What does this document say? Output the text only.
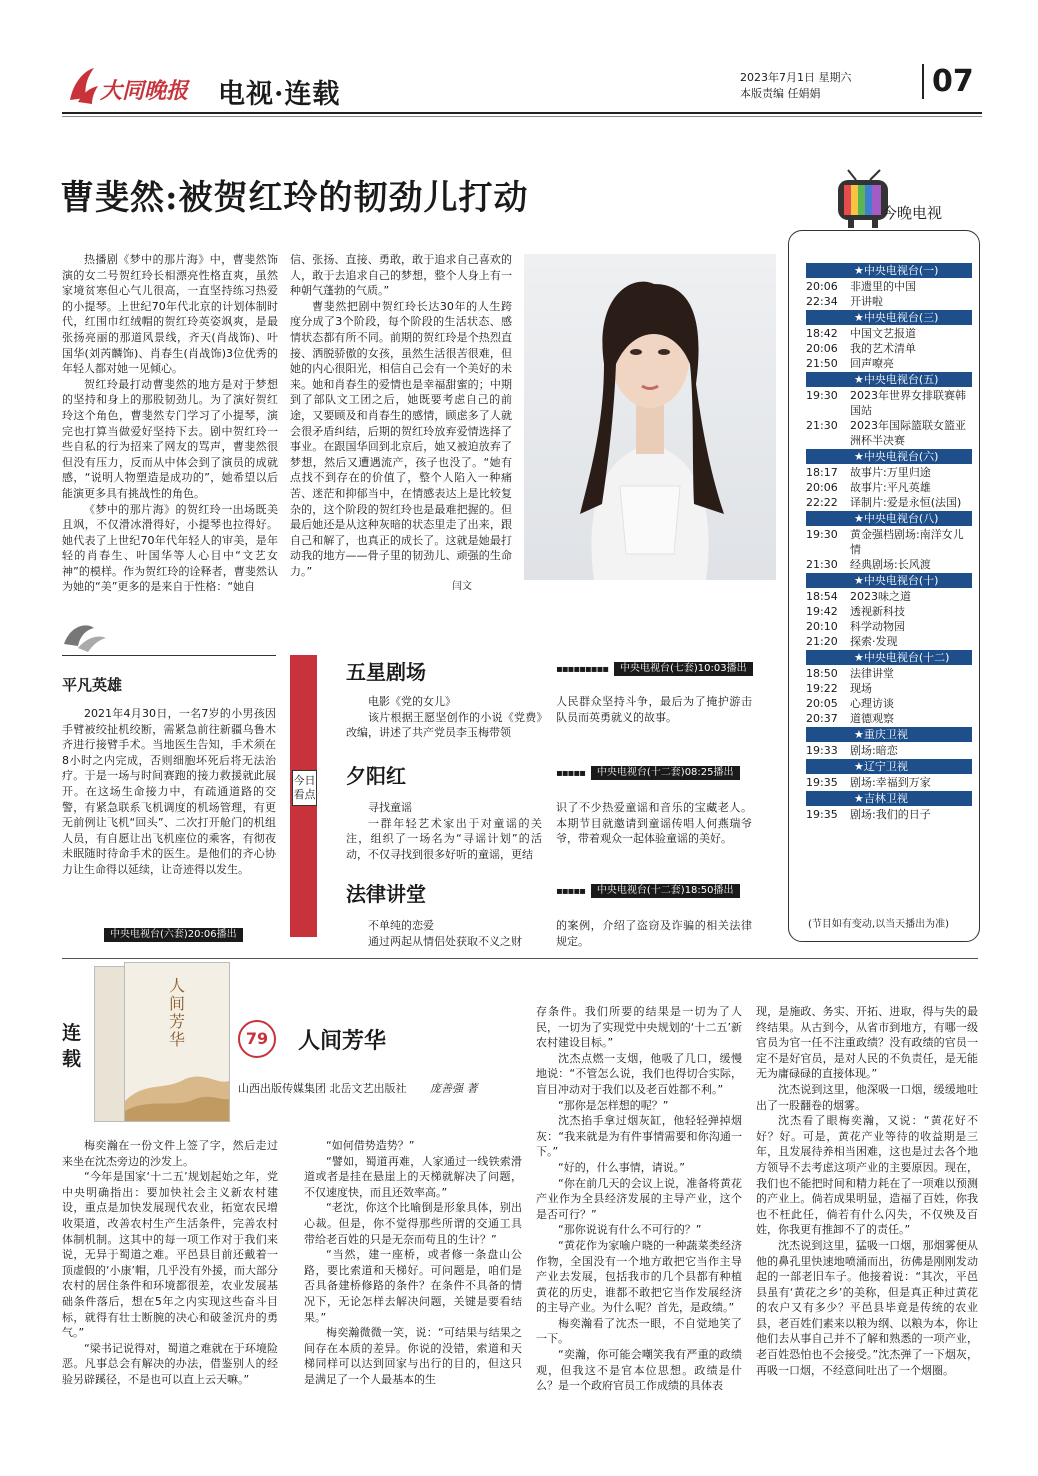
大同晚报 电视·连载
2023年7月1日 星期六
本版责编 任娟娟	07
曹斐然:被贺红玲的韧劲儿打动

热播剧《梦中的那片海》中，曹斐然饰演的女二号贺红玲长相漂亮性格直爽，虽然家境贫寒但心气儿很高，一直坚持练习热爱的小提琴。上世纪70年代北京的计划体制时代，红围巾红绒帽的贺红玲英姿飒爽，是最张扬亮丽的那道风景线，齐天(肖战饰)、叶国华(刘芮麟饰)、肖春生(肖战饰)3位优秀的年轻人都对她一见倾心。

贺红玲最打动曹斐然的地方是对于梦想的坚持和身上的那股韧劲儿。为了演好贺红玲这个角色，曹斐然专门学习了小提琴，演完也打算当做爱好坚持下去。剧中贺红玲一些自私的行为招来了网友的骂声，曹斐然很但没有压力，反而从中体会到了演员的成就感，“说明人物塑造是成功的”，她希望以后能演更多具有挑战性的角色。

《梦中的那片海》的贺红玲一出场既美且飒，不仅滑冰滑得好，小提琴也拉得好。她代表了上世纪70年代年轻人的审美，是年轻的肖春生、叶国华等人心目中“文艺女神”的模样。作为贺红玲的诠释者，曹斐然认为她的“美”更多的是来自于性格：“她自

信、张扬、直接、勇敢，敢于追求自己喜欢的人，敢于去追求自己的梦想，整个人身上有一种朝气蓬勃的气质。”

曹斐然把剧中贺红玲长达30年的人生跨度分成了3个阶段，每个阶段的生活状态、感情状态都有所不同。前期的贺红玲是个热烈直接、洒脱骄傲的女孩，虽然生活很苦很难，但她的内心很阳光，相信自己会有一个美好的未来。她和肖春生的爱情也是幸福甜蜜的；中期到了部队文工团之后，她既要考虑自己的前途，又要顾及和肖春生的感情，顾虑多了人就会很矛盾纠结，后期的贺红玲放弃爱情选择了事业。在跟国华回到北京后，她又被迫放弃了梦想，然后又遭遇流产，孩子也没了。“她有点找不到存在的价值了，整个人陷入一种痛苦、迷茫和抑郁当中，在情感表达上是比较复杂的，这个阶段的贺红玲也是最难把握的。但最后她还是从这种灰暗的状态里走了出来，跟自己和解了，也真正的成长了。这就是她最打动我的地方——骨子里的韧劲儿、顽强的生命力。”

闫文
今晚电视
★中央电视台(一)
20:06	非遗里的中国
22:34	开讲啦
★中央电视台(三)
18:42	中国文艺报道
20:06	我的艺术清单
21:50	回声嘹亮
★中央电视台(五)
19:30	2023年世界女排联赛韩国站
21:30	2023年国际篮联女篮亚洲杯半决赛
★中央电视台(六)
18:17	故事片:万里归途
20:06	故事片:平凡英雄
22:22	译制片:爱是永恒(法国)
★中央电视台(八)
19:30	黄金强档剧场:南洋女儿情
21:30	经典剧场:长风渡
★中央电视台(十)
18:54	2023味之道
19:42	透视新科技
20:10	科学动物园
21:20	探索·发现
★中央电视台(十二)
18:50	法律讲堂
19:22	现场
20:05	心理访谈
20:37	道德观察
★重庆卫视
19:33	剧场:暗恋
★辽宁卫视
19:35	剧场:幸福到万家
★吉林卫视
19:35	剧场:我们的日子
(节目如有变动,以当天播出为准)
平凡英雄

2021年4月30日，一名7岁的小男孩因手臂被绞扯机绞断，需紧急前往新疆乌鲁木齐进行接臂手术。当地医生告知，手术须在8小时之内完成，否则细胞坏死后将无法治疗。于是一场与时间赛跑的接力救援就此展开。在这场生命接力中，有疏通道路的交警，有紧急联系飞机调度的机场管理，有更无前例让飞机“回头”、二次打开舱门的机组人员，有自愿让出飞机座位的乘客，有彻夜未眠随时待命手术的医生。是他们的齐心协力让生命得以延续，让奇迹得以发生。

中央电视台(六套)20:06播出
今日看点
五星剧场	▪▪▪▪▪▪▪▪▪	中央电视台(七套)10:03播出

电影《党的女儿》

该片根据王愿坚创作的小说《党费》改编，讲述了共产党员李玉梅带领

人民群众坚持斗争，最后为了掩护游击队员而英勇就义的故事。

夕阳红	▪▪▪▪▪	中央电视台(十二套)08:25播出

寻找童谣

一群年轻艺术家出于对童谣的关注，组织了一场名为“寻谣计划”的活动，不仅寻找到很多好听的童谣，更结

识了不少热爱童谣和音乐的宝藏老人。本期节目就邀请到童谣传唱人何燕瑞爷爷，带着观众一起体验童谣的美好。

法律讲堂	▪▪▪▪▪	中央电视台(十二套)18:50播出

不单纯的恋爱

通过两起从情侣处获取不义之财

的案例，介绍了盗窃及诈骗的相关法律规定。

连载
人间芳华	79	人间芳华
山西出版传媒集团 北岳文艺出版社 庞善强 著

梅奕瀚在一份文件上签了字，然后走过来坐在沈杰旁边的沙发上。

“今年是国家‘十二五’规划起始之年，党中央明确指出：要加快社会主义新农村建设，重点是加快发展现代农业，拓宽农民增收渠道，改善农村生产生活条件，完善农村体制机制。这其中的每一项工作对于我们来说，无异于蜀道之难。平邑县目前还戴着一顶虚假的‘小康’帽，几乎没有外援，而大部分农村的居住条件和环境都很差，农业发展基础条件落后，想在5年之内实现这些奋斗目标，就得有壮士断腕的决心和破釜沉舟的勇气。”

“梁书记说得对，蜀道之难就在于环境险恶。凡事总会有解决的办法，借鉴别人的经验另辟蹊径，不是也可以直上云天嘛。”

“如何借势造势？”

“譬如，蜀道再难，人家通过一线铁索滑道或者是挂在悬崖上的天梯就解决了问题，不仅速度快，而且还效率高。”

“老沈，你这个比喻倒是形象具体，别出心裁。但是，你不觉得那些所谓的交通工具带给老百姓的只是无奈而苟且的生计？”

“当然，建一座桥，或者修一条盘山公路，要比索道和天梯好。可问题是，咱们是否具备建桥修路的条件？在条件不具备的情况下，无论怎样去解决问题，关键是要看结果。”

梅奕瀚微微一笑，说：“可结果与结果之间存在本质的差异。你说的没错，索道和天梯同样可以达到回家与出行的目的，但这只是满足了一个人最基本的生

存条件。我们所要的结果是一切为了人民，一切为了实现党中央规划的‘十二五’新农村建设目标。”

沈杰点燃一支烟，他吸了几口，缓慢地说：“不管怎么说，我们也得切合实际，盲目冲动对于我们以及老百姓都不利。”

“那你是怎样想的呢？”

沈杰掐手拿过烟灰缸，他轻轻弹掉烟灰：“我来就是为有件事情需要和你沟通一下。”

“好的，什么事情，请说。”

“你在前几天的会议上说，准备将黄花产业作为全县经济发展的主导产业，这个是否可行？”

“那你说说有什么不可行的？”

“黄花作为家喻户晓的一种蔬菜类经济作物，全国没有一个地方敢把它当作主导产业去发展，包括我市的几个县都有种植黄花的历史，谁都不敢把它当作发展经济的主导产业。为什么呢？首先，是政绩。”

梅奕瀚看了沈杰一眼，不自觉地笑了一下。

“奕瀚，你可能会嘲笑我有严重的政绩观，但我这不是官本位思想。政绩是什么？是一个政府官员工作成绩的具体表

现，是施政、务实、开拓、进取，得与失的最终结果。从古到今，从省市到地方，有哪一级官员为官一任不注重政绩？没有政绩的官员一定不是好官员，是对人民的不负责任，是无能无为庸碌碌的直接体现。”

沈杰说到这里，他深吸一口烟，缓缓地吐出了一股翻卷的烟雾。

沈杰看了眼梅奕瀚，又说：“黄花好不好？好。可是，黄花产业等待的收益期是三年，且发展待养相当困难，这也是过去各个地方领导不去考虑这项产业的主要原因。现在，我们也不能把时间和精力耗在了一项难以预测的产业上。倘若成果明显，造福了百姓，你我也不枉此任，倘若有什么闪失，不仅殃及百姓，你我更有推卸不了的责任。”

沈杰说到这里，猛吸一口烟，那烟雾便从他的鼻孔里快速地喷涌而出，彷佛是刚刚发动起的一部老旧车子。他接着说：“其次，平邑县虽有‘黄花之乡’的美称，但是真正种过黄花的农户又有多少？平邑县毕竟是传统的农业县，老百姓们素来以粮为纲、以粮为本，你让他们去从事自己并不了解和熟悉的一项产业，老百姓恐怕也不会接受。”沈杰弹了一下烟灰，再吸一口烟，不经意间吐出了一个烟圈。
